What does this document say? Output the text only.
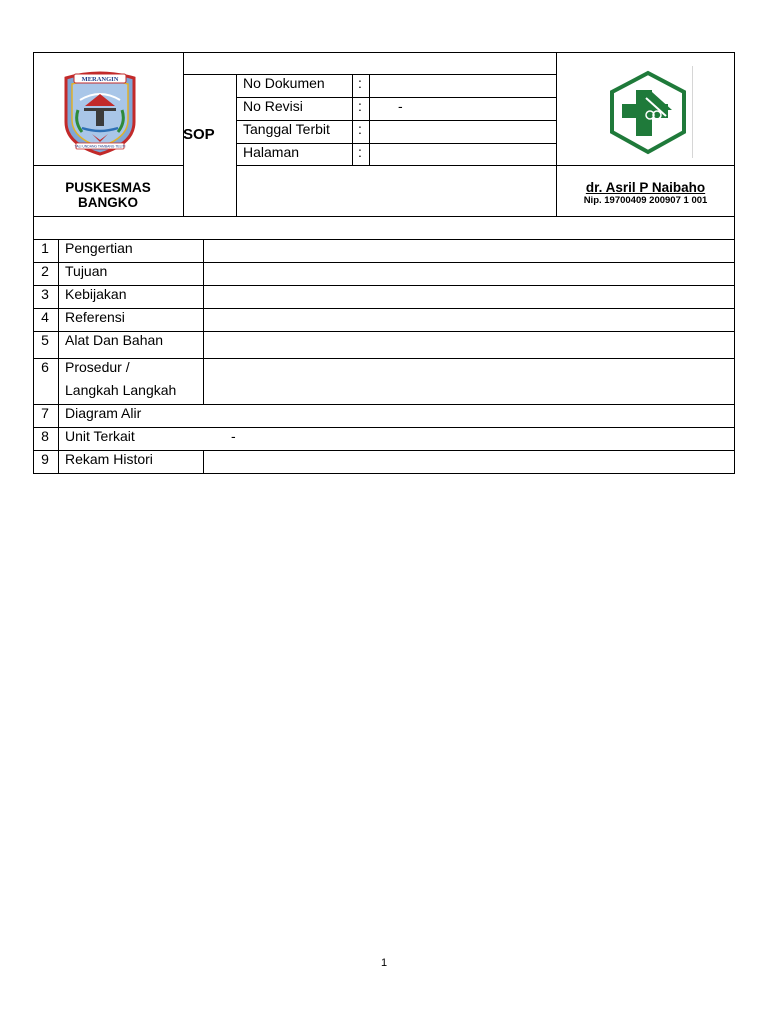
MERANGIN
TALI UNDANG TAMBANG TELITI
SOP
No Dokumen :
No Revisi	:	-
Tanggal Terbit :
Halaman	:
PUSKESMAS
BANGKO
dr. Asril P Naibaho
Nip. 19700409 200907 1 001
1	Pengertian
2	Tujuan
3	Kebijakan
4	Referensi
5	Alat Dan Bahan
6	Prosedur /
Langkah Langkah
7	Diagram Alir
8	Unit Terkait	-
9	Rekam Histori
1
